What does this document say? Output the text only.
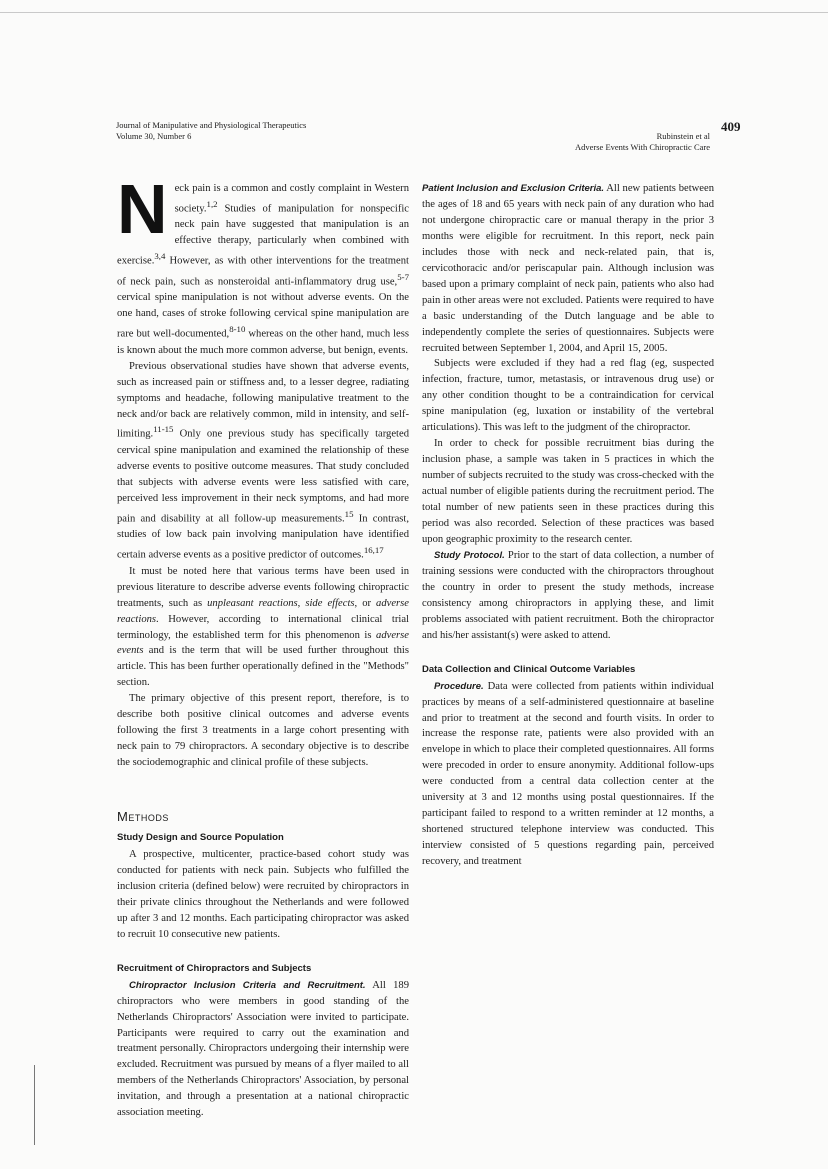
Journal of Manipulative and Physiological Therapeutics
Volume 30, Number 6	Rubinstein et al
Adverse Events With Chiropractic Care
409

Neck pain is a common and costly complaint in Western society.$^{1,2}$ Studies of manipulation for nonspecific neck pain have suggested that manipulation is an effective therapy, particularly when combined with exercise.$^{3,4}$ However, as with other interventions for the treatment of neck pain, such as nonsteroidal anti-inflammatory drug use,$^{5-7}$ cervical spine manipulation is not without adverse events. On the one hand, cases of stroke following cervical spine manipulation are rare but well-documented,$^{8-10}$ whereas on the other hand, much less is known about the much more common adverse, but benign, events.

Previous observational studies have shown that adverse events, such as increased pain or stiffness and, to a lesser degree, radiating symptoms and headache, following manipulative treatment to the neck and/or back are relatively common, mild in intensity, and self-limiting.$^{11-15}$ Only one previous study has specifically targeted cervical spine manipulation and examined the relationship of these adverse events to positive outcome measures. That study concluded that subjects with adverse events were less satisfied with care, perceived less improvement in their neck symptoms, and had more pain and disability at all follow-up measurements.$^{15}$ In contrast, studies of low back pain involving manipulation have identified certain adverse events as a positive predictor of outcomes.$^{16,17}$

It must be noted here that various terms have been used in previous literature to describe adverse events following chiropractic treatments, such as unpleasant reactions, side effects, or adverse reactions. However, according to international clinical trial terminology, the established term for this phenomenon is adverse events and is the term that will be used further throughout this article. This has been further operationally defined in the "Methods" section.

The primary objective of this present report, therefore, is to describe both positive clinical outcomes and adverse events following the first 3 treatments in a large cohort presenting with neck pain to 79 chiropractors. A secondary objective is to describe the sociodemographic and clinical profile of these subjects.

Methods
Study Design and Source Population

A prospective, multicenter, practice-based cohort study was conducted for patients with neck pain. Subjects who fulfilled the inclusion criteria (defined below) were recruited by chiropractors in their private clinics throughout the Netherlands and were followed up after 3 and 12 months. Each participating chiropractor was asked to recruit 10 consecutive new patients.

Recruitment of Chiropractors and Subjects

Chiropractor Inclusion Criteria and Recruitment. All 189 chiropractors who were members in good standing of the Netherlands Chiropractors' Association were invited to participate. Participants were required to carry out the examination and treatment personally. Chiropractors undergoing their internship were excluded. Recruitment was pursued by means of a flyer mailed to all members of the Netherlands Chiropractors' Association, by personal invitation, and through a presentation at a national chiropractic association meeting.

Patient Inclusion and Exclusion Criteria. All new patients between the ages of 18 and 65 years with neck pain of any duration who had not undergone chiropractic care or manual therapy in the prior 3 months were eligible for recruitment. In this report, neck pain includes those with neck and neck-related pain, that is, cervicothoracic and/or periscapular pain. Although inclusion was based upon a primary complaint of neck pain, patients who also had pain in other areas were not excluded. Patients were required to have a basic understanding of the Dutch language and be able to independently complete the series of questionnaires. Subjects were recruited between September 1, 2004, and April 15, 2005.

Subjects were excluded if they had a red flag (eg, suspected infection, fracture, tumor, metastasis, or intravenous drug use) or any other condition thought to be a contraindication for cervical spine manipulation (eg, luxation or instability of the vertebral articulations). This was left to the judgment of the chiropractor.

In order to check for possible recruitment bias during the inclusion phase, a sample was taken in 5 practices in which the number of subjects recruited to the study was cross-checked with the actual number of eligible patients during the recruitment period. The total number of new patients seen in these practices during this period was also recorded. Selection of these practices was based upon geographic proximity to the research center.

Study Protocol. Prior to the start of data collection, a number of training sessions were conducted with the chiropractors throughout the country in order to present the study methods, increase consistency among chiropractors in applying these, and limit problems associated with patient recruitment. Both the chiropractor and his/her assistant(s) were asked to attend.

Data Collection and Clinical Outcome Variables

Procedure. Data were collected from patients within individual practices by means of a self-administered questionnaire at baseline and prior to treatment at the second and fourth visits. In order to increase the response rate, patients were also provided with an envelope in which to place their completed questionnaires. All forms were precoded in order to ensure anonymity. Additional follow-ups were conducted from a central data collection center at the university at 3 and 12 months using postal questionnaires. If the participant failed to respond to a written reminder at 12 months, a shortened structured telephone interview was conducted. This interview consisted of 5 questions regarding pain, perceived recovery, and treatment
